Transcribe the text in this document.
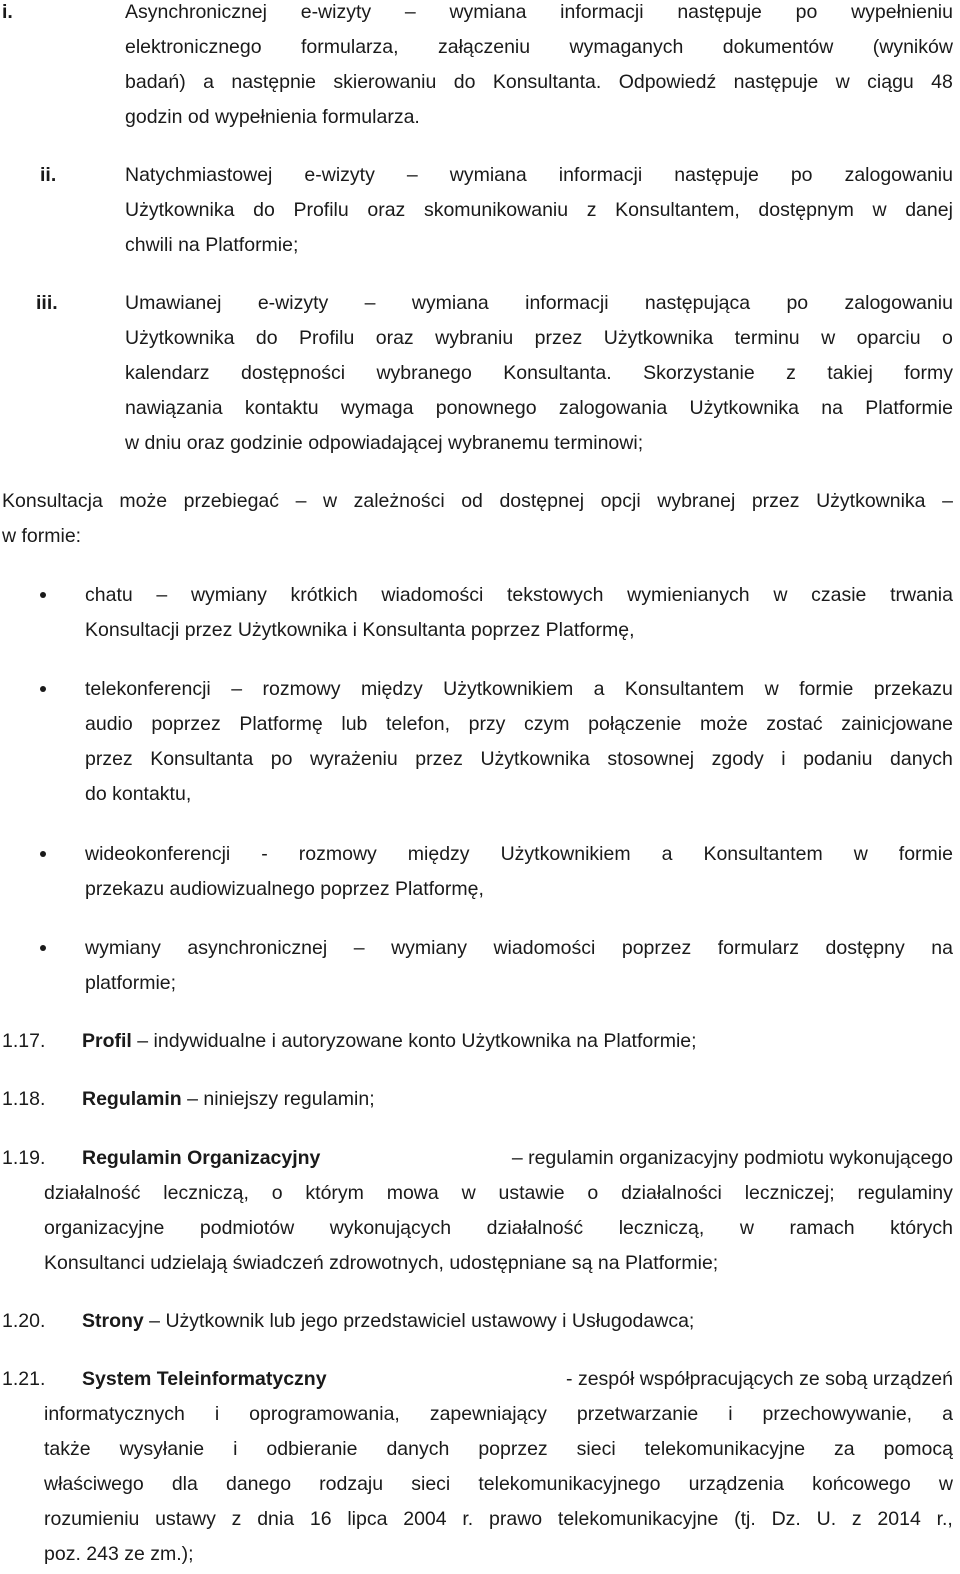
i.	Asynchronicznej e-wizyty – wymiana informacji następuje po wypełnieniu
elektronicznego formularza, załączeniu wymaganych dokumentów (wyników
badań) a następnie skierowaniu do Konsultanta. Odpowiedź następuje w ciągu 48
godzin od wypełnienia formularza.
ii.	Natychmiastowej e-wizyty – wymiana informacji następuje po zalogowaniu
Użytkownika do Profilu oraz skomunikowaniu z Konsultantem, dostępnym w danej
chwili na Platformie;
iii.	Umawianej e-wizyty – wymiana informacji następująca po zalogowaniu
Użytkownika do Profilu oraz wybraniu przez Użytkownika terminu w oparciu o
kalendarz dostępności wybranego Konsultanta. Skorzystanie z takiej formy
nawiązania kontaktu wymaga ponownego zalogowania Użytkownika na Platformie
w dniu oraz godzinie odpowiadającej wybranemu terminowi;
Konsultacja może przebiegać – w zależności od dostępnej opcji wybranej przez Użytkownika –
w formie:
chatu – wymiany krótkich wiadomości tekstowych wymienianych w czasie trwania
Konsultacji przez Użytkownika i Konsultanta poprzez Platformę,
telekonferencji – rozmowy między Użytkownikiem a Konsultantem w formie przekazu
audio poprzez Platformę lub telefon, przy czym połączenie może zostać zainicjowane
przez Konsultanta po wyrażeniu przez Użytkownika stosownej zgody i podaniu danych
do kontaktu,
wideokonferencji - rozmowy między Użytkownikiem a Konsultantem w formie
przekazu audiowizualnego poprzez Platformę,
wymiany asynchronicznej – wymiany wiadomości poprzez formularz dostępny na
platformie;
1.17. Profil – indywidualne i autoryzowane konto Użytkownika na Platformie;
1.18. Regulamin – niniejszy regulamin;
1.19. Regulamin Organizacyjny	– regulamin organizacyjny podmiotu wykonującego
działalność leczniczą, o którym mowa w ustawie o działalności leczniczej; regulaminy
organizacyjne podmiotów wykonujących działalność leczniczą, w ramach których
Konsultanci udzielają świadczeń zdrowotnych, udostępniane są na Platformie;
1.20. Strony – Użytkownik lub jego przedstawiciel ustawowy i Usługodawca;
1.21. System Teleinformatyczny	- zespół współpracujących ze sobą urządzeń
informatycznych i oprogramowania, zapewniający przetwarzanie i przechowywanie, a
także wysyłanie i odbieranie danych poprzez sieci telekomunikacyjne za pomocą
właściwego dla danego rodzaju sieci telekomunikacyjnego urządzenia końcowego w
rozumieniu ustawy z dnia 16 lipca 2004 r. prawo telekomunikacyjne (tj. Dz. U. z 2014 r.,
poz. 243 ze zm.);
